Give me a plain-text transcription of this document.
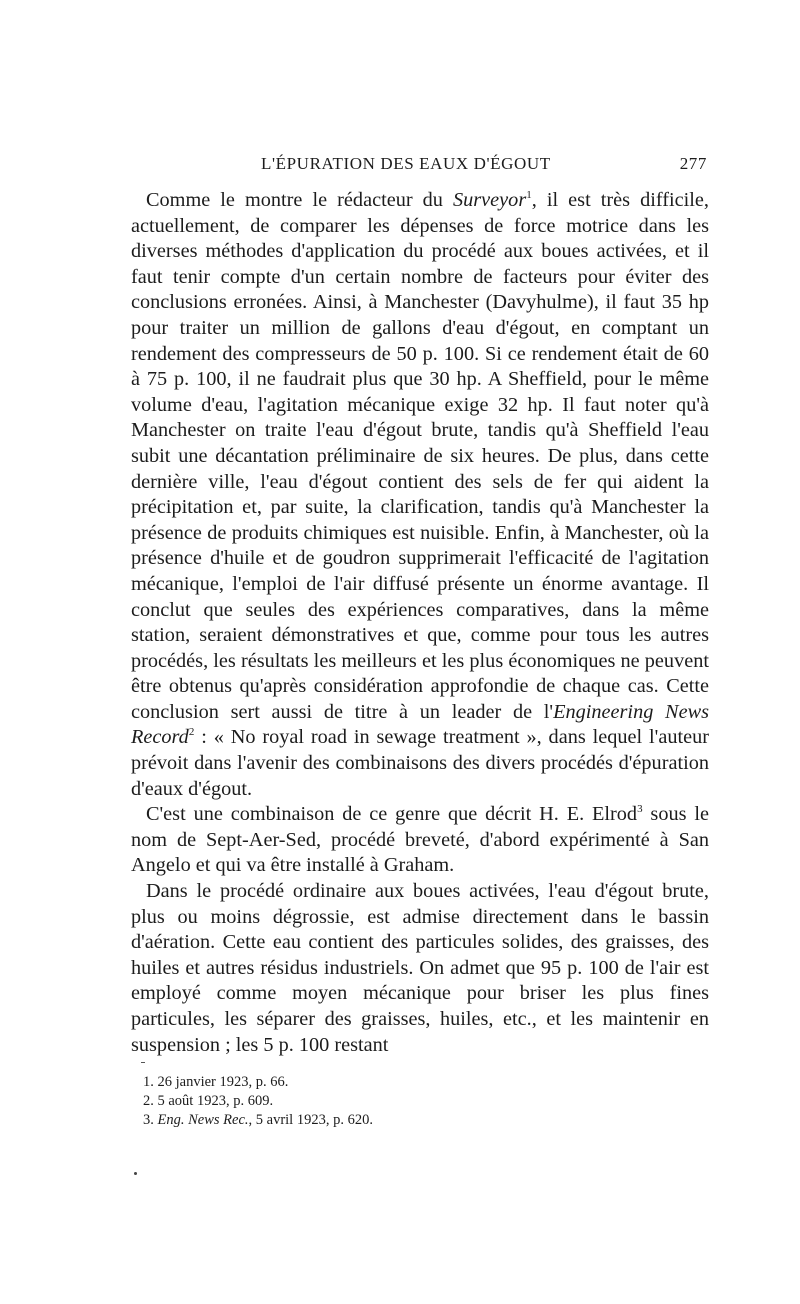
L'ÉPURATION DES EAUX D'ÉGOUT	277

Comme le montre le rédacteur du Surveyor$^1$, il est très difficile, actuellement, de comparer les dépenses de force motrice dans les diverses méthodes d'application du procédé aux boues activées, et il faut tenir compte d'un certain nombre de facteurs pour éviter des conclusions erronées. Ainsi, à Manchester (Davyhulme), il faut 35 hp pour traiter un million de gallons d'eau d'égout, en comptant un rendement des compresseurs de 50 p. 100. Si ce rendement était de 60 à 75 p. 100, il ne faudrait plus que 30 hp. A Sheffield, pour le même volume d'eau, l'agitation mécanique exige 32 hp. Il faut noter qu'à Manchester on traite l'eau d'égout brute, tandis qu'à Sheffield l'eau subit une décantation préliminaire de six heures. De plus, dans cette dernière ville, l'eau d'égout contient des sels de fer qui aident la précipitation et, par suite, la clarification, tandis qu'à Manchester la présence de produits chimiques est nuisible. Enfin, à Manchester, où la présence d'huile et de goudron supprimerait l'efficacité de l'agitation mécanique, l'emploi de l'air diffusé présente un énorme avantage. Il conclut que seules des expériences comparatives, dans la même station, seraient démonstratives et que, comme pour tous les autres procédés, les résultats les meilleurs et les plus économiques ne peuvent être obtenus qu'après considération approfondie de chaque cas. Cette conclusion sert aussi de titre à un leader de l'Engineering News Record$^2$ : « No royal road in sewage treatment », dans lequel l'auteur prévoit dans l'avenir des combinaisons des divers procédés d'épuration d'eaux d'égout.

C'est une combinaison de ce genre que décrit H. E. Elrod$^3$ sous le nom de Sept-Aer-Sed, procédé breveté, d'abord expérimenté à San Angelo et qui va être installé à Graham.

Dans le procédé ordinaire aux boues activées, l'eau d'égout brute, plus ou moins dégrossie, est admise directement dans le bassin d'aération. Cette eau contient des particules solides, des graisses, des huiles et autres résidus industriels. On admet que 95 p. 100 de l'air est employé comme moyen mécanique pour briser les plus fines particules, les séparer des graisses, huiles, etc., et les maintenir en suspension ; les 5 p. 100 restant

1. 26 janvier 1923, p. 66.
2. 5 août 1923, p. 609.
3. Eng. News Rec., 5 avril 1923, p. 620.
